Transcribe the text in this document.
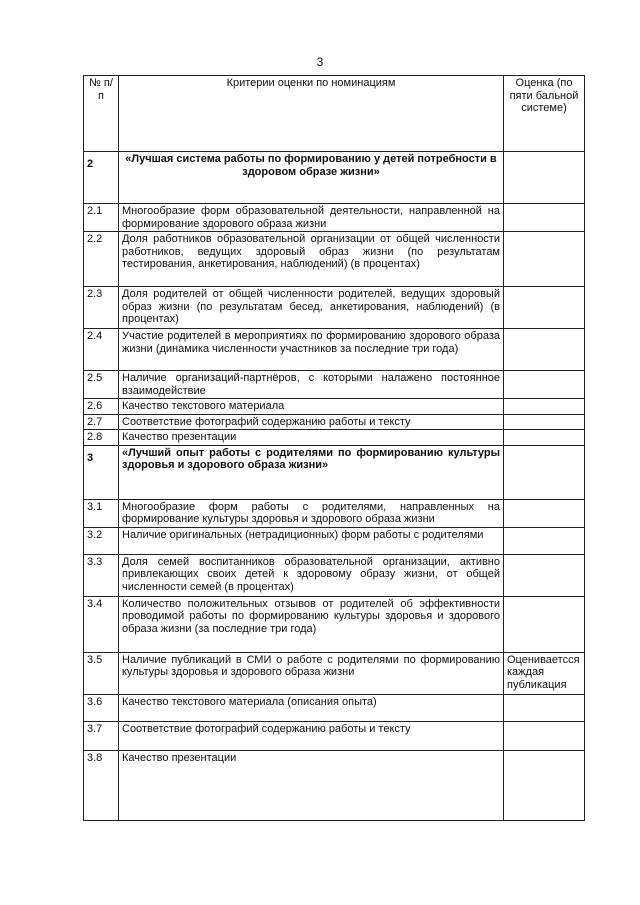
3
№ п/п	Критерии оценки по номинациям	Оценка (по пяти бальной системе)
2	«Лучшая система работы по формированию у детей потребности в здоровом образе жизни»	
2.1	Многообразие форм образовательной деятельности, направленной на формирование здорового образа жизни	
2.2	Доля работников образовательной организации от общей численности работников, ведущих здоровый образ жизни (по результатам тестирования, анкетирования, наблюдений) (в процентах)	
2.3	Доля родителей от общей численности родителей, ведущих здоровый образ жизни (по результатам бесед, анкетирования, наблюдений) (в процентах)	
2.4	Участие родителей в мероприятиях по формированию здорового образа жизни (динамика численности участников за последние три года)	
2.5	Наличие организаций-партнёров, с которыми налажено постоянное взаимодействие	
2.6	Качество текстового материала	
2.7	Соответствие фотографий содержанию работы и тексту	
2.8	Качество презентации	
3	«Лучший опыт работы с родителями по формированию культуры здоровья и здорового образа жизни»	
3.1	Многообразие форм работы с родителями, направленных на формирование культуры здоровья и здорового образа жизни	
3.2	Наличие оригинальных (нетрадиционных) форм работы с родителями	
3.3	Доля семей воспитанников образовательной организации, активно привлекающих своих детей к здоровому образу жизни, от общей численности семей (в процентах)	
3.4	Количество положительных отзывов от родителей об эффективности проводимой работы по формированию культуры здоровья и здорового образа жизни (за последние три года)	
3.5	Наличие публикаций в СМИ о работе с родителями по формированию культуры здоровья и здорового образа жизни	Оцениваетсся каждая публикация
3.6	Качество текстового материала (описания опыта)	
3.7	Соответствие фотографий содержанию работы и тексту	
3.8	Качество презентации	
